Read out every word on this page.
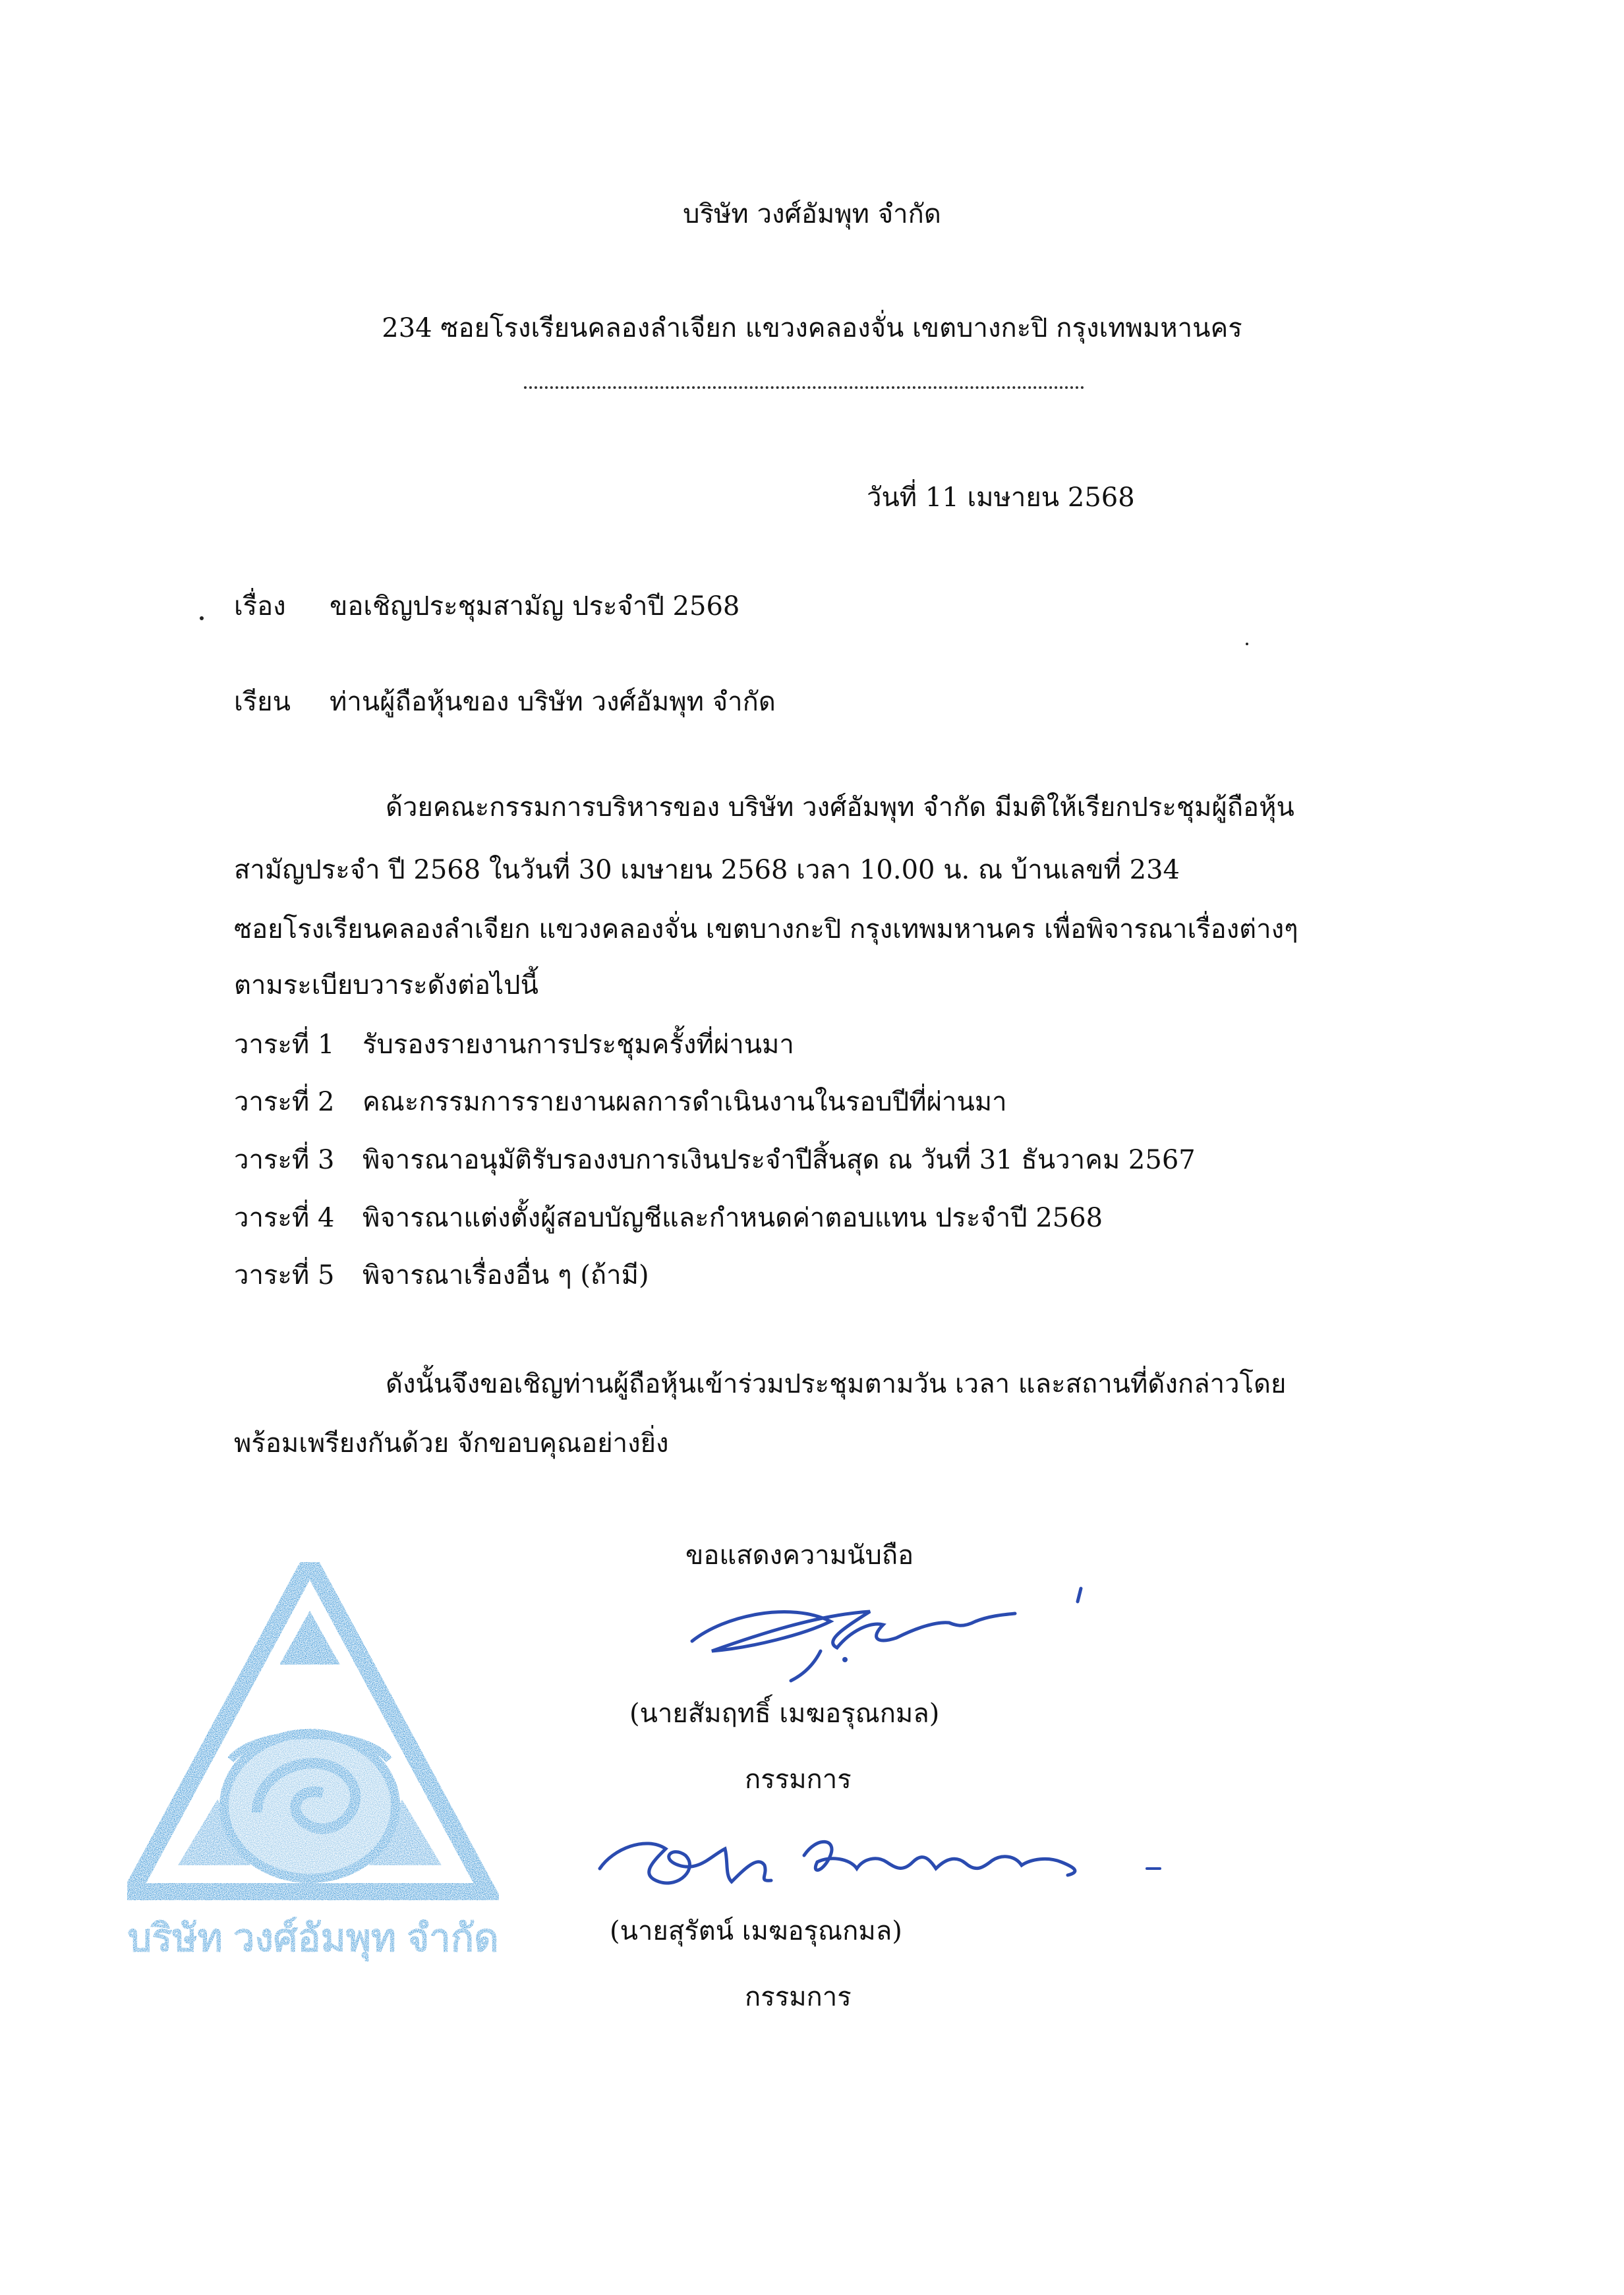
บริษัท วงศ์อัมพุท จำกัด
234 ซอยโรงเรียนคลองลำเจียก แขวงคลองจั่น เขตบางกะปิ กรุงเทพมหานคร
วันที่ 11 เมษายน 2568
เรื่อง ขอเชิญประชุมสามัญ ประจำปี 2568
เรียน ท่านผู้ถือหุ้นของ บริษัท วงศ์อัมพุท จำกัด
ด้วยคณะกรรมการบริหารของ บริษัท วงศ์อัมพุท จำกัด มีมติให้เรียกประชุมผู้ถือหุ้น
สามัญประจำ ปี 2568 ในวันที่ 30 เมษายน 2568 เวลา 10.00 น. ณ บ้านเลขที่ 234
ซอยโรงเรียนคลองลำเจียก แขวงคลองจั่น เขตบางกะปิ กรุงเทพมหานคร เพื่อพิจารณาเรื่องต่างๆ
ตามระเบียบวาระดังต่อไปนี้
วาระที่ 1 รับรองรายงานการประชุมครั้งที่ผ่านมา
วาระที่ 2 คณะกรรมการรายงานผลการดำเนินงานในรอบปีที่ผ่านมา
วาระที่ 3 พิจารณาอนุมัติรับรองงบการเงินประจำปีสิ้นสุด ณ วันที่ 31 ธันวาคม 2567
วาระที่ 4 พิจารณาแต่งตั้งผู้สอบบัญชีและกำหนดค่าตอบแทน ประจำปี 2568
วาระที่ 5 พิจารณาเรื่องอื่น ๆ (ถ้ามี)
ดังนั้นจึงขอเชิญท่านผู้ถือหุ้นเข้าร่วมประชุมตามวัน เวลา และสถานที่ดังกล่าวโดย
พร้อมเพรียงกันด้วย จักขอบคุณอย่างยิ่ง
ขอแสดงความนับถือ
(นายสัมฤทธิ์ เมฆอรุณกมล)
กรรมการ
(นายสุรัตน์ เมฆอรุณกมล)
กรรมการ
บริษัท วงศ์อัมพุท จำกัด
